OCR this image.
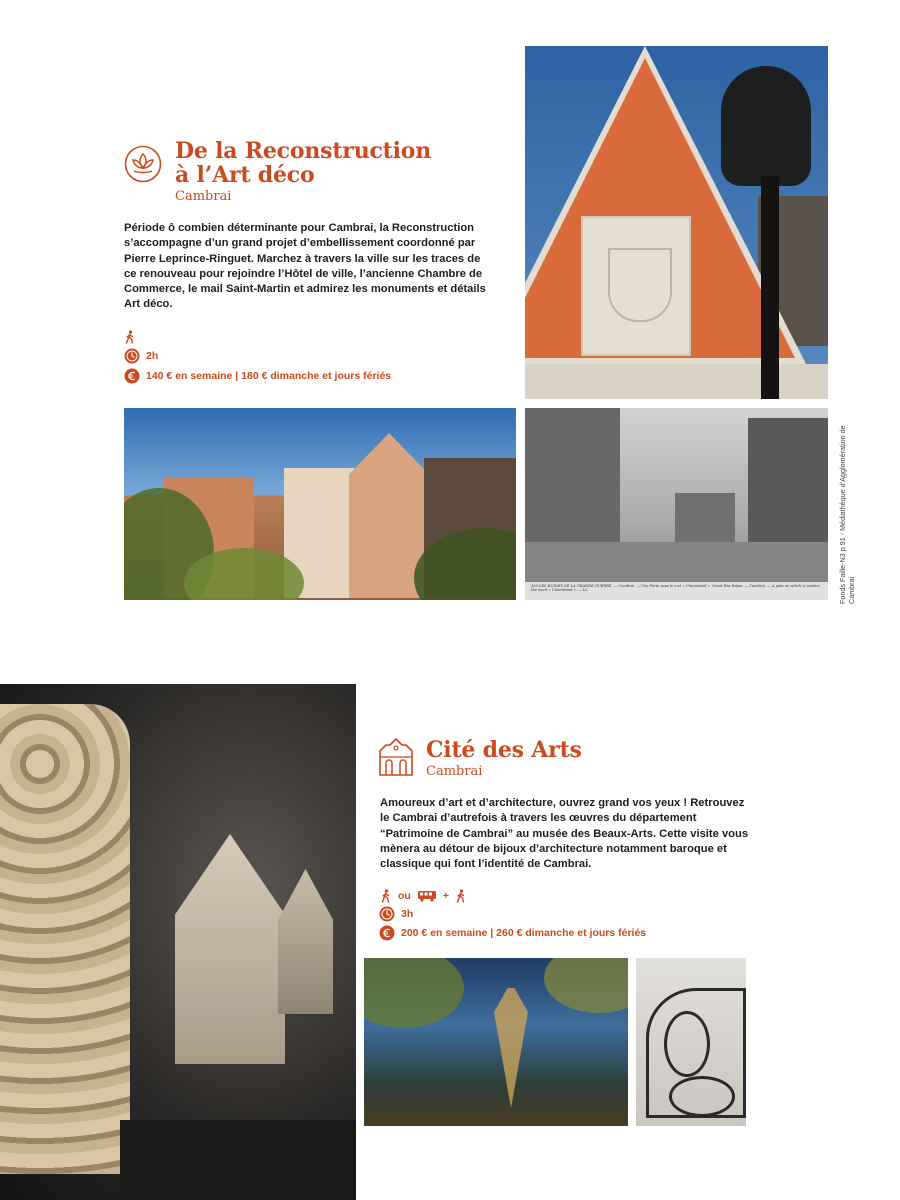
535 LES RUINES DE LA GRANDE GUERRE. — Cambrai. — Une Porte sous le mot « Unterstand ». Great War Ruins. — Cambrai. — A gate on which is written the word « Unterstand ». — LL.	Fonds Faille-N3 p 91 - Médiathèque d’Agglomération de Cambrai
De la Reconstruction
à l’Art déco
Cambrai
Période ô combien déterminante pour Cambrai, la Reconstruction s’accompagne d’un grand projet d’embellissement coordonné par Pierre Leprince-Ringuet. Marchez à travers la ville sur les traces de ce renouveau pour rejoindre l’Hôtel de ville, l’ancienne Chambre de Commerce, le mail Saint-Martin et admirez les monuments et détails Art déco.
2h
140 € en semaine | 180 € dimanche et jours fériés
Cité des Arts
Cambrai
Amoureux d’art et d’architecture, ouvrez grand vos yeux ! Retrouvez le Cambrai d’autrefois à travers les œuvres du département “Patrimoine de Cambrai” au musée des Beaux-Arts. Cette visite vous mènera au détour de bijoux d’architecture notamment baroque et classique qui font l’identité de Cambrai.
ou	+
3h
200 € en semaine | 260 € dimanche et jours fériés
